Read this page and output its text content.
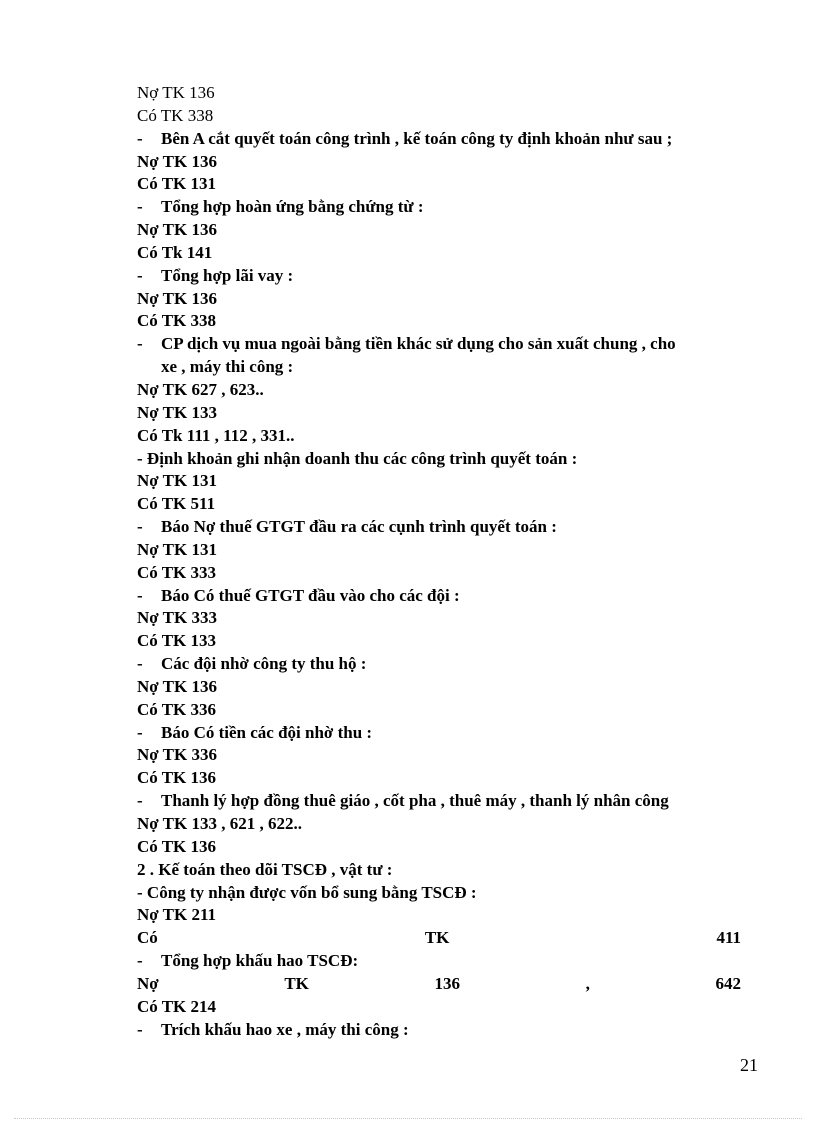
Nợ TK 136
Có TK 338
-	Bên A cắt quyết toán công trình , kế toán công ty định khoản như sau ;
Nợ TK 136
Có TK 131
-	Tổng hợp hoàn ứng bằng chứng từ :
Nợ TK 136
Có Tk 141
-	Tổng hợp lãi vay :
Nợ TK 136
Có TK 338
-	CP dịch vụ mua ngoài bằng tiền khác sử dụng cho sản xuất chung , cho
xe , máy thi công :
Nợ TK 627 , 623..
Nợ TK 133
Có Tk 111 , 112 , 331..
- Định khoản ghi nhận doanh thu các công trình quyết toán :
Nợ TK 131
Có TK 511
-	Báo Nợ thuế GTGT đầu ra các cụnh trình quyết toán :
Nợ TK 131
Có TK 333
-	Báo Có thuế GTGT đầu vào cho các đội :
Nợ TK 333
Có TK 133
-	Các đội nhờ công ty thu hộ :
Nợ TK 136
Có TK 336
-	Báo Có tiền các đội nhờ thu :
Nợ TK 336
Có TK 136
-	Thanh lý hợp đồng thuê giáo , cốt pha , thuê máy , thanh lý nhân công
Nợ TK 133 , 621 , 622..
Có TK 136
2 . Kế toán theo dõi TSCĐ , vật tư :
- Công ty nhận được vốn bổ sung bằng TSCĐ :
Nợ TK 211
Có	TK	411
-	Tổng hợp khấu hao TSCĐ:
Nợ	TK	136	,	642
Có TK 214
-	Trích khấu hao xe , máy thi công :
21
